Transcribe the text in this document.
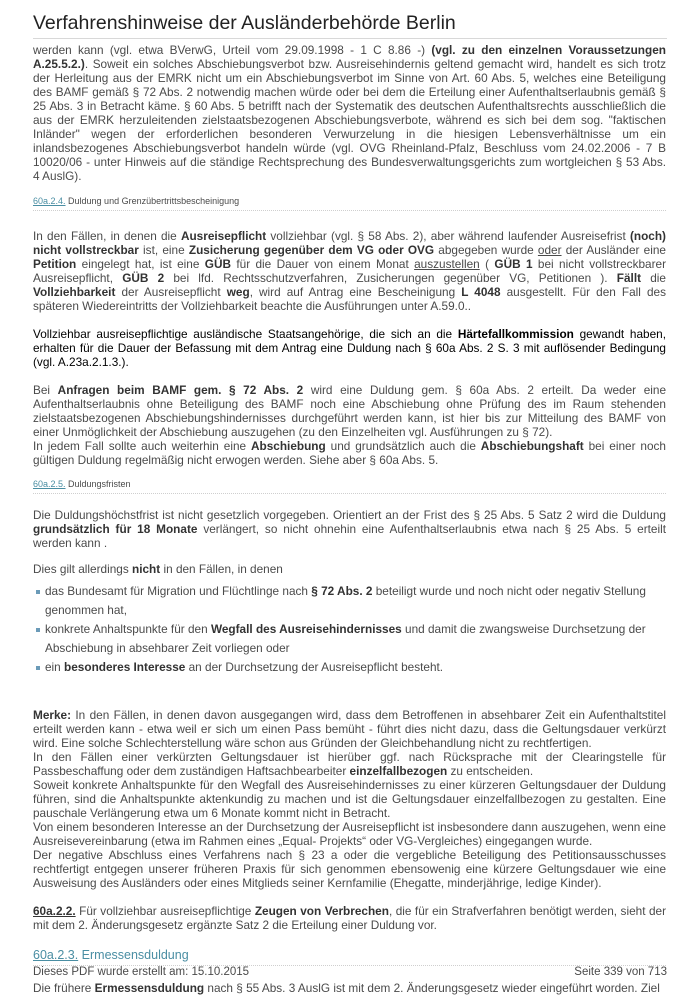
Verfahrenshinweise der Ausländerbehörde Berlin

werden kann (vgl. etwa BVerwG, Urteil vom 29.09.1998 - 1 C 8.86 -) (vgl. zu den einzelnen Voraussetzungen A.25.5.2.). Soweit ein solches Abschiebungsverbot bzw. Ausreisehindernis geltend gemacht wird, handelt es sich trotz der Herleitung aus der EMRK nicht um ein Abschiebungsverbot im Sinne von Art. 60 Abs. 5, welches eine Beteiligung des BAMF gemäß § 72 Abs. 2 notwendig machen würde oder bei dem die Erteilung einer Aufenthaltserlaubnis gemäß § 25 Abs. 3 in Betracht käme. § 60 Abs. 5 betrifft nach der Systematik des deutschen Aufenthaltsrechts ausschließlich die aus der EMRK herzuleitenden zielstaatsbezogenen Abschiebungsverbote, während es sich bei dem sog. "faktischen Inländer" wegen der erforderlichen besonderen Verwurzelung in die hiesigen Lebensverhältnisse um ein inlandsbezogenes Abschiebungsverbot handeln würde (vgl. OVG Rheinland-Pfalz, Beschluss vom 24.02.2006 - 7 B 10020/06 - unter Hinweis auf die ständige Rechtsprechung des Bundesverwaltungsgerichts zum wortgleichen § 53 Abs. 4 AuslG).

60a.2.4. Duldung und Grenzübertrittsbescheinigung

In den Fällen, in denen die Ausreisepflicht vollziehbar (vgl. § 58 Abs. 2), aber während laufender Ausreisefrist (noch) nicht vollstreckbar ist, eine Zusicherung gegenüber dem VG oder OVG abgegeben wurde oder der Ausländer eine Petition eingelegt hat, ist eine GÜB für die Dauer von einem Monat auszustellen ( GÜB 1 bei nicht vollstreckbarer Ausreisepflicht, GÜB 2 bei lfd. Rechtsschutzverfahren, Zusicherungen gegenüber VG, Petitionen ). Fällt die Vollziehbarkeit der Ausreisepflicht weg, wird auf Antrag eine Bescheinigung L 4048 ausgestellt. Für den Fall des späteren Wiedereintritts der Vollziehbarkeit beachte die Ausführungen unter A.59.0..

Vollziehbar ausreisepflichtige ausländische Staatsangehörige, die sich an die Härtefallkommission gewandt haben, erhalten für die Dauer der Befassung mit dem Antrag eine Duldung nach § 60a Abs. 2 S. 3 mit auflösender Bedingung (vgl. A.23a.2.1.3.).

Bei Anfragen beim BAMF gem. § 72 Abs. 2 wird eine Duldung gem. § 60a Abs. 2 erteilt. Da weder eine Aufenthaltserlaubnis ohne Beteiligung des BAMF noch eine Abschiebung ohne Prüfung des im Raum stehenden zielstaatsbezogenen Abschiebungshindernisses durchgeführt werden kann, ist hier bis zur Mitteilung des BAMF von einer Unmöglichkeit der Abschiebung auszugehen (zu den Einzelheiten vgl. Ausführungen zu § 72).

In jedem Fall sollte auch weiterhin eine Abschiebung und grundsätzlich auch die Abschiebungshaft bei einer noch gültigen Duldung regelmäßig nicht erwogen werden. Siehe aber § 60a Abs. 5.

60a.2.5. Duldungsfristen

Die Duldungshöchstfrist ist nicht gesetzlich vorgegeben. Orientiert an der Frist des § 25 Abs. 5 Satz 2 wird die Duldung grundsätzlich für 18 Monate verlängert, so nicht ohnehin eine Aufenthaltserlaubnis etwa nach § 25 Abs. 5 erteilt werden kann .

Dies gilt allerdings nicht in den Fällen, in denen

das Bundesamt für Migration und Flüchtlinge nach § 72 Abs. 2 beteiligt wurde und noch nicht oder negativ Stellung genommen hat,
konkrete Anhaltspunkte für den Wegfall des Ausreisehindernisses und damit die zwangsweise Durchsetzung der Abschiebung in absehbarer Zeit vorliegen oder
ein besonderes Interesse an der Durchsetzung der Ausreisepflicht besteht.

Merke: In den Fällen, in denen davon ausgegangen wird, dass dem Betroffenen in absehbarer Zeit ein Aufenthaltstitel erteilt werden kann - etwa weil er sich um einen Pass bemüht - führt dies nicht dazu, dass die Geltungsdauer verkürzt wird. Eine solche Schlechterstellung wäre schon aus Gründen der Gleichbehandlung nicht zu rechtfertigen.

In den Fällen einer verkürzten Geltungsdauer ist hierüber ggf. nach Rücksprache mit der Clearingstelle für Passbeschaffung oder dem zuständigen Haftsachbearbeiter einzelfallbezogen zu entscheiden.

Soweit konkrete Anhaltspunkte für den Wegfall des Ausreisehindernisses zu einer kürzeren Geltungsdauer der Duldung führen, sind die Anhaltspunkte aktenkundig zu machen und ist die Geltungsdauer einzelfallbezogen zu gestalten. Eine pauschale Verlängerung etwa um 6 Monate kommt nicht in Betracht.

Von einem besonderen Interesse an der Durchsetzung der Ausreisepflicht ist insbesondere dann auszugehen, wenn eine Ausreisevereinbarung (etwa im Rahmen eines „Equal- Projekts“ oder VG-Vergleiches) eingegangen wurde.

Der negative Abschluss eines Verfahrens nach § 23 a oder die vergebliche Beteiligung des Petitionsausschusses rechtfertigt entgegen unserer früheren Praxis für sich genommen ebensowenig eine kürzere Geltungsdauer wie eine Ausweisung des Ausländers oder eines Mitglieds seiner Kernfamilie (Ehegatte, minderjährige, ledige Kinder).

60a.2.2. Für vollziehbar ausreisepflichtige Zeugen von Verbrechen, die für ein Strafverfahren benötigt werden, sieht der mit dem 2. Änderungsgesetz ergänzte Satz 2 die Erteilung einer Duldung vor.

60a.2.3. Ermessensduldung

Die frühere Ermessensduldung nach § 55 Abs. 3 AuslG ist mit dem 2. Änderungsgesetz wieder eingeführt worden. Ziel

Dieses PDF wurde erstellt am: 15.10.2015	Seite 339 von 713
